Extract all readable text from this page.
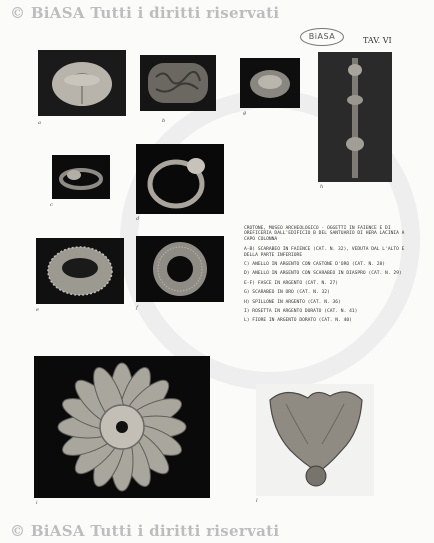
© BiASA Tutti i diritti riservati
© BiASA Tutti i diritti riservati
BiASA	TAV. VI
a	b
g
h
c
d
e	f
CROTONE, MUSEO ARCHEOLOGICO - OGGETTI IN FAIENCE E DI OREFICERIA DALL'EDIFICIO B DEL SANTUARIO DI HERA LACINIA A CAPO COLONNA
A-B) SCARABEO IN FAIENCE (CAT. N. 32), VEDUTA DAL L'ALTO E DELLA PARTE INFERIORE
C) ANELLO IN ARGENTO CON CASTONE D'ORO (CAT. N. 28)
D) ANELLO IN ARGENTO CON SCARABEO IN DIASPRO (CAT. N. 29)
E-F) FASCE IN ARGENTO (CAT. N. 27)
G) SCARABEO IN ORO (CAT. N. 32)
H) SPILLONE IN ARGENTO (CAT. N. 36)
I) ROSETTA IN ARGENTO DORATO (CAT. N. 41)
L) FIORE IN ARGENTO DORATO (CAT. N. 40)
i	l
